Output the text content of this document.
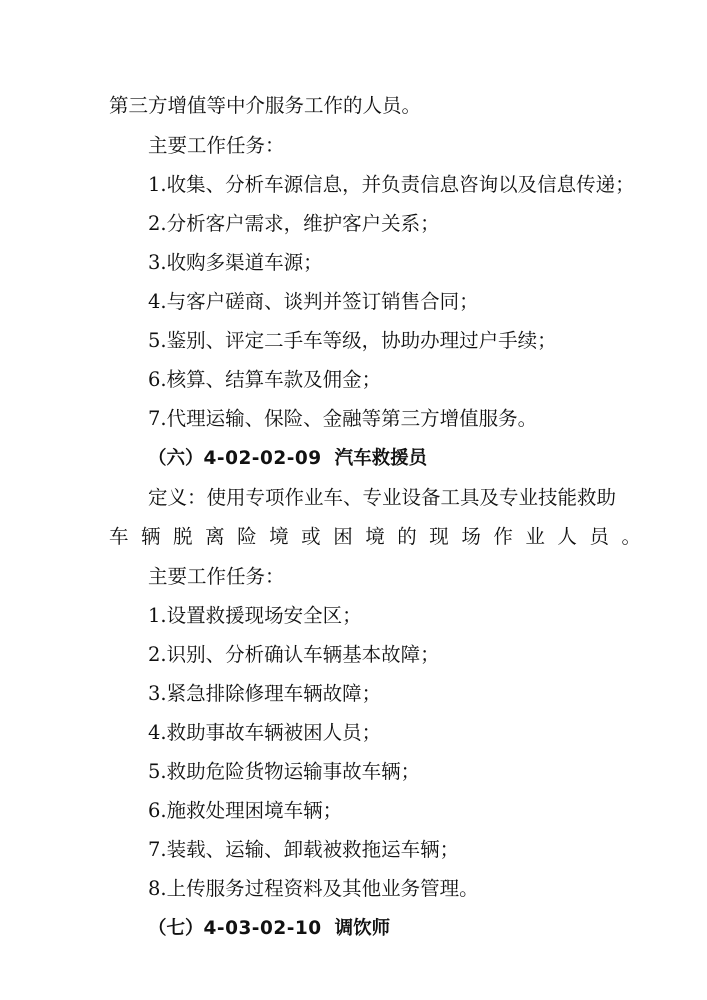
第三方增值等中介服务工作的人员。
主要工作任务：
1.收集、分析车源信息，并负责信息咨询以及信息传递；
2.分析客户需求，维护客户关系；
3.收购多渠道车源；
4.与客户磋商、谈判并签订销售合同；
5.鉴别、评定二手车等级，协助办理过户手续；
6.核算、结算车款及佣金；
7.代理运输、保险、金融等第三方增值服务。
（六）4-02-02-09 汽车救援员
定义：使用专项作业车、专业设备工具及专业技能救助
车辆脱离险境或困境的现场作业人员。
主要工作任务：
1.设置救援现场安全区；
2.识别、分析确认车辆基本故障；
3.紧急排除修理车辆故障；
4.救助事故车辆被困人员；
5.救助危险货物运输事故车辆；
6.施救处理困境车辆；
7.装载、运输、卸载被救拖运车辆；
8.上传服务过程资料及其他业务管理。
（七）4-03-02-10 调饮师
